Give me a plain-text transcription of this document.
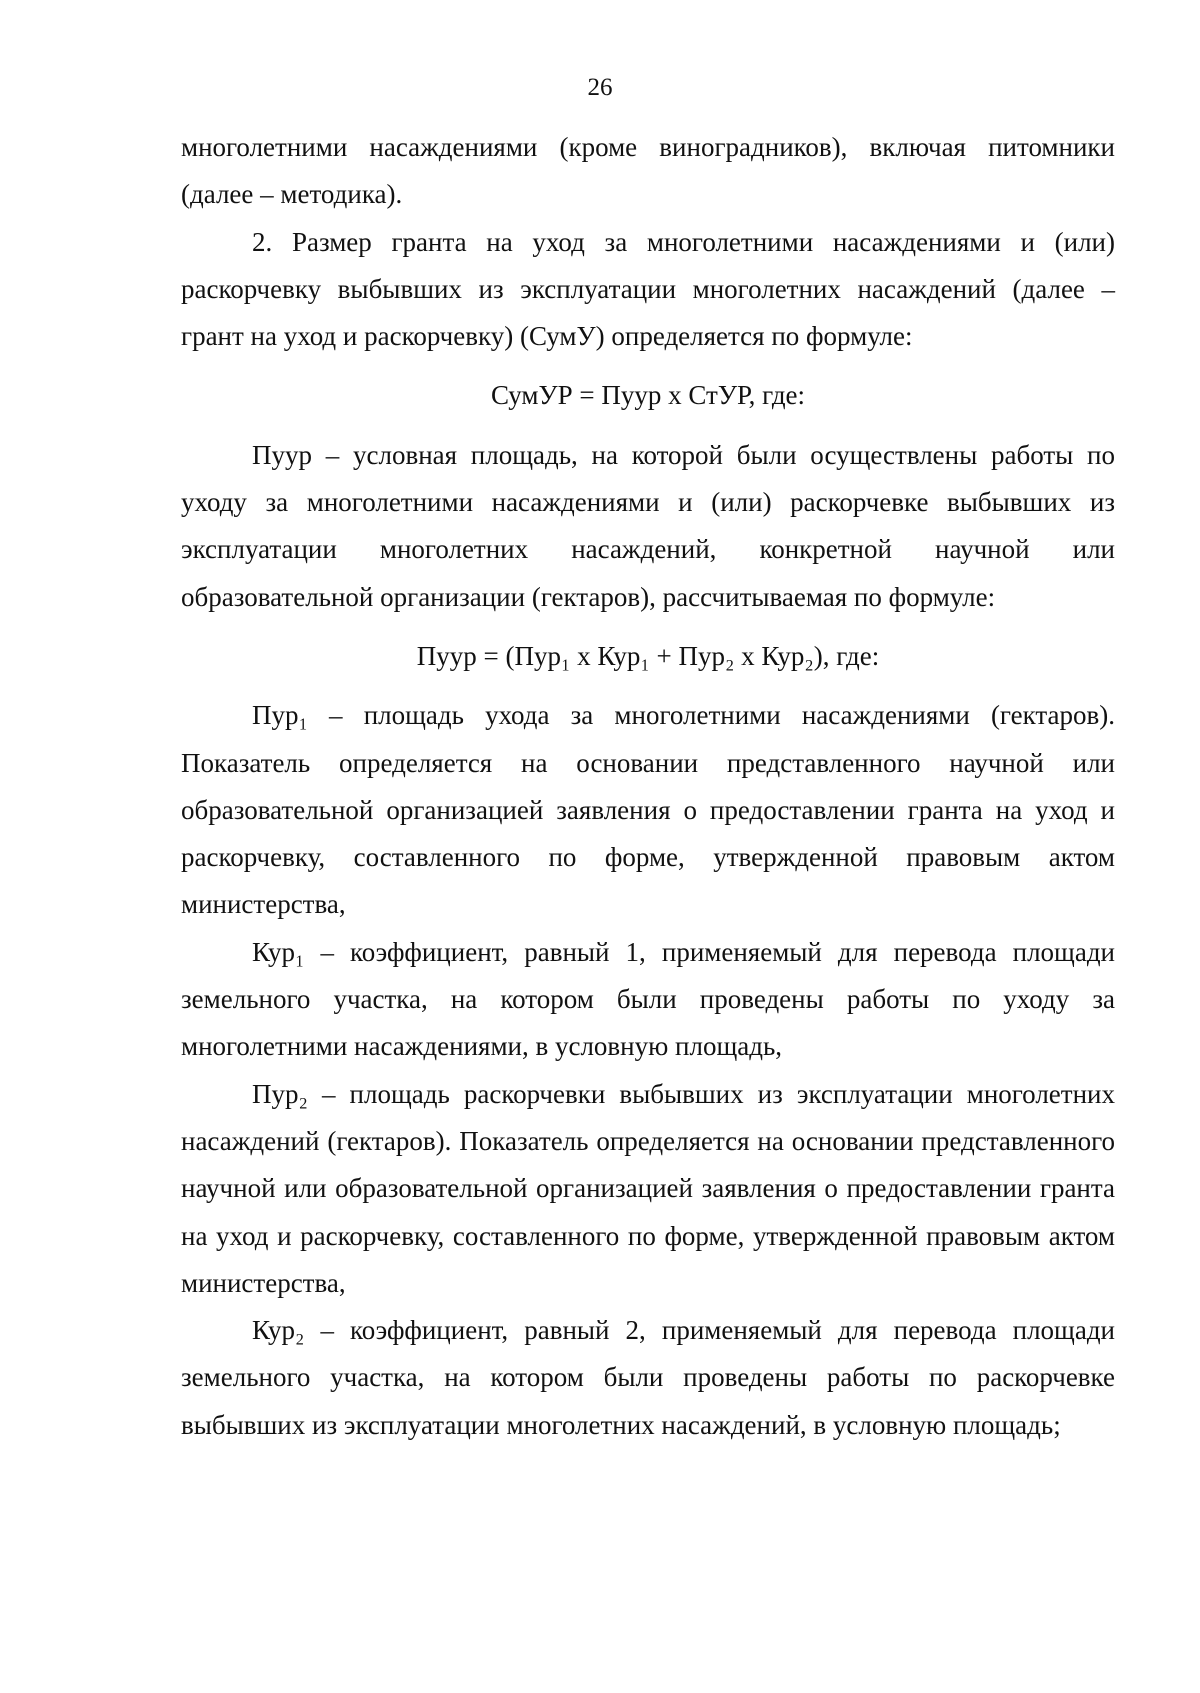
26

многолетними насаждениями (кроме виноградников), включая питомники (далее – методика).

2. Размер гранта на уход за многолетними насаждениями и (или) раскорчевку выбывших из эксплуатации многолетних насаждений (далее – грант на уход и раскорчевку) (СумУ) определяется по формуле:

СумУР = Пуур х СтУР, где:

Пуур – условная площадь, на которой были осуществлены работы по уходу за многолетними насаждениями и (или) раскорчевке выбывших из эксплуатации многолетних насаждений, конкретной научной или образовательной организации (гектаров), рассчитываемая по формуле:

Пуур = (Пур₁ х Кур₁ + Пур₂ х Кур₂), где:

Пур₁ – площадь ухода за многолетними насаждениями (гектаров). Показатель определяется на основании представленного научной или образовательной организацией заявления о предоставлении гранта на уход и раскорчевку, составленного по форме, утвержденной правовым актом министерства,

Кур₁ – коэффициент, равный 1, применяемый для перевода площади земельного участка, на котором были проведены работы по уходу за многолетними насаждениями, в условную площадь,

Пур₂ – площадь раскорчевки выбывших из эксплуатации многолетних насаждений (гектаров). Показатель определяется на основании представленного научной или образовательной организацией заявления о предоставлении гранта на уход и раскорчевку, составленного по форме, утвержденной правовым актом министерства,

Кур₂ – коэффициент, равный 2, применяемый для перевода площади земельного участка, на котором были проведены работы по раскорчевке выбывших из эксплуатации многолетних насаждений, в условную площадь;
